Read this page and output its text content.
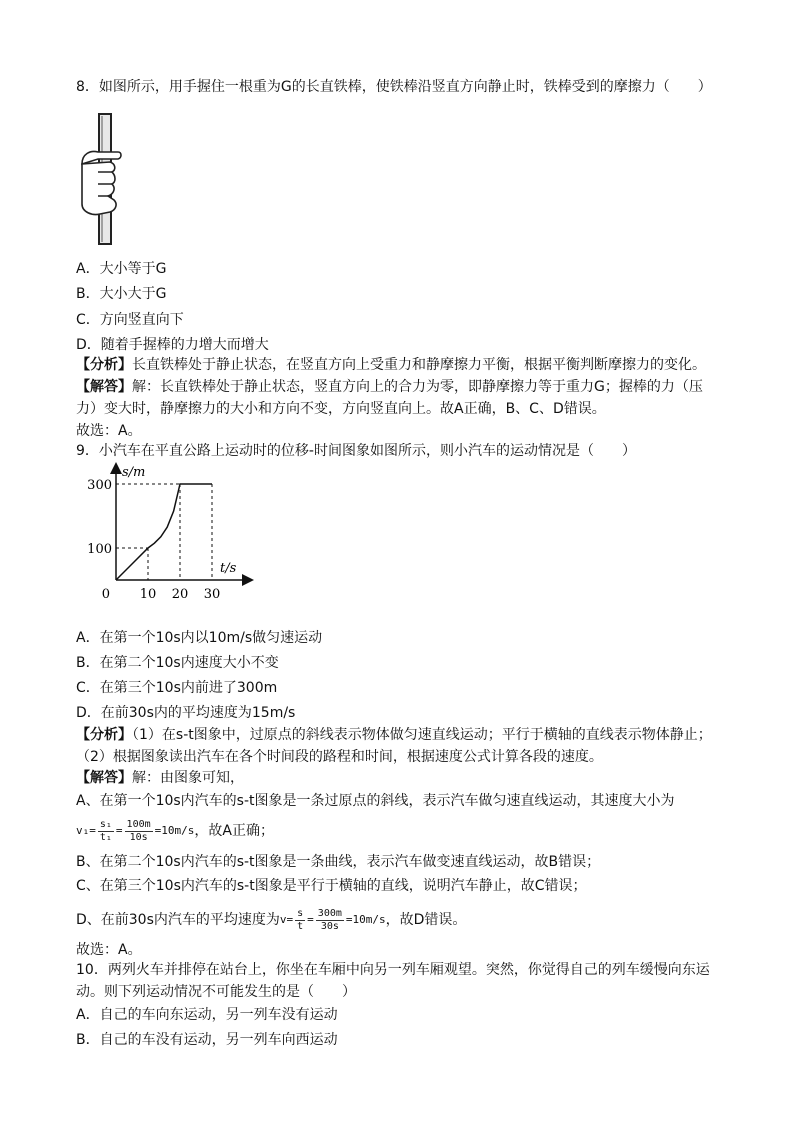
8．如图所示，用手握住一根重为G的长直铁棒，使铁棒沿竖直方向静止时，铁棒受到的摩擦力（　　）
A．大小等于G
B．大小大于G
C．方向竖直向下
D．随着手握棒的力增大而增大
【分析】长直铁棒处于静止状态，在竖直方向上受重力和静摩擦力平衡，根据平衡判断摩擦力的变化。
【解答】解：长直铁棒处于静止状态，竖直方向上的合力为零，即静摩擦力等于重力G；握棒的力（压
力）变大时，静摩擦力的大小和方向不变，方向竖直向上。故A正确，B、C、D错误。
故选：A。
9．小汽车在平直公路上运动时的位移-时间图象如图所示，则小汽车的运动情况是（　　）
0 10 20 30
100
300
s/m
t/s
A．在第一个10s内以10m/s做匀速运动
B．在第二个10s内速度大小不变
C．在第三个10s内前进了300m
D．在前30s内的平均速度为15m/s
【分析】（1）在s-t图象中，过原点的斜线表示物体做匀速直线运动；平行于横轴的直线表示物体静止；
（2）根据图象读出汽车在各个时间段的路程和时间，根据速度公式计算各段的速度。
【解答】解：由图象可知，
A、在第一个10s内汽车的s-t图象是一条过原点的斜线，表示汽车做匀速直线运动，其速度大小为
$v_1= \frac{\text{s₁}}{\text{t₁}} = \frac{100m}{10s} =10m/s$ ，故A正确；
B、在第二个10s内汽车的s-t图象是一条曲线，表示汽车做变速直线运动，故B错误；
C、在第三个10s内汽车的s-t图象是平行于横轴的直线，说明汽车静止，故C错误；
D、在前30s内汽车的平均速度为 $v= \frac{s}{t} = \frac{300m}{30s} =10m/s$ ，故D错误。
故选：A。
10．两列火车并排停在站台上，你坐在车厢中向另一列车厢观望。突然，你觉得自己的列车缓慢向东运
动。则下列运动情况不可能发生的是（　　）
A．自己的车向东运动，另一列车没有运动
B．自己的车没有运动，另一列车向西运动
